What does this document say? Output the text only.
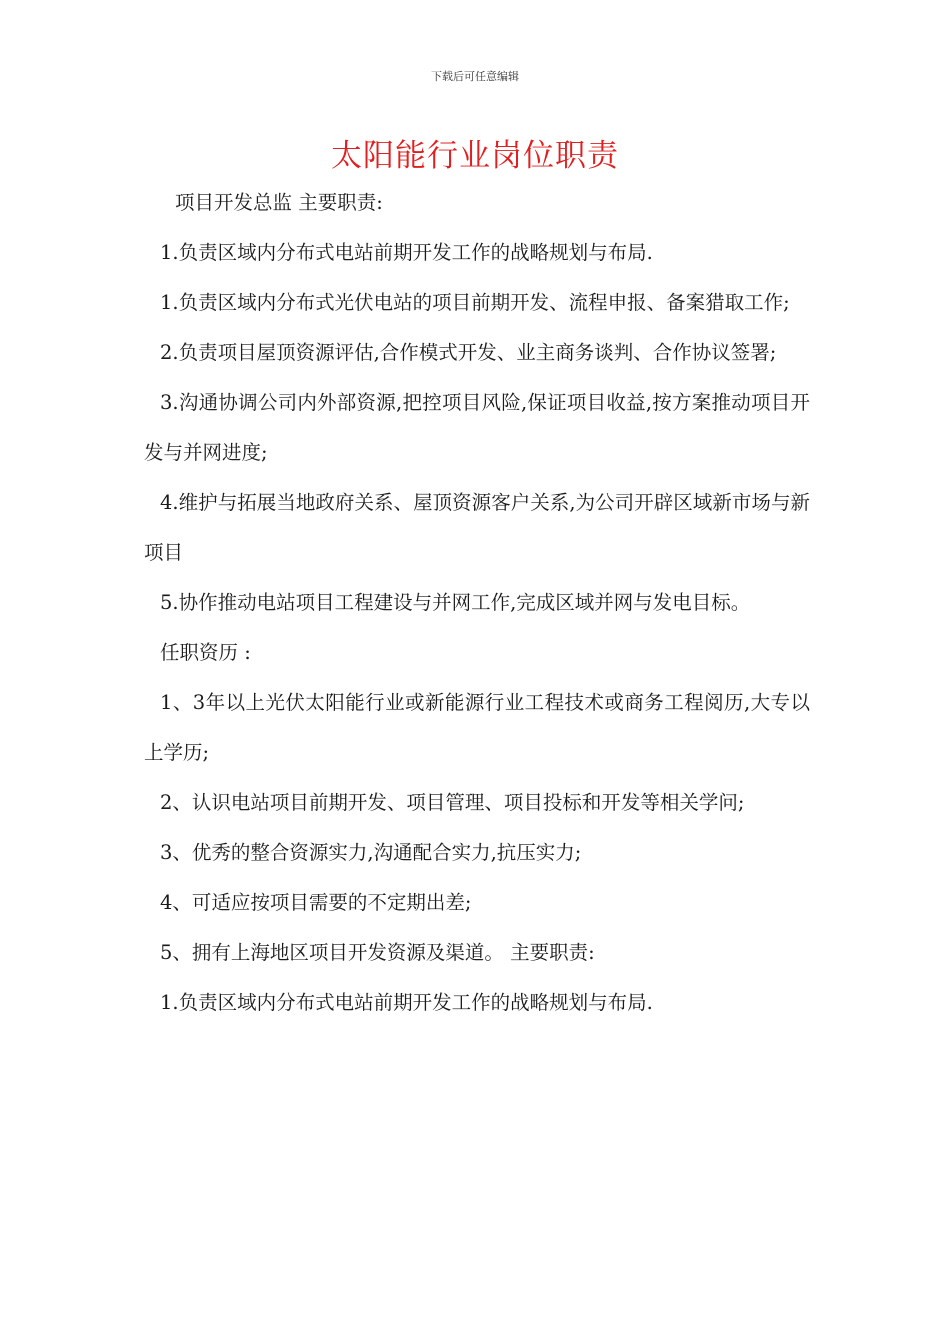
下载后可任意编辑
太阳能行业岗位职责

项目开发总监 主要职责:

1.负责区域内分布式电站前期开发工作的战略规划与布局.

1.负责区域内分布式光伏电站的项目前期开发、流程申报、备案猎取工作;

2.负责项目屋顶资源评估,合作模式开发、业主商务谈判、合作协议签署;

3.沟通协调公司内外部资源,把控项目风险,保证项目收益,按方案推动项目开发与并网进度;

4.维护与拓展当地政府关系、屋顶资源客户关系,为公司开辟区域新市场与新项目

5.协作推动电站项目工程建设与并网工作,完成区域并网与发电目标。

任职资历 :

1、3年以上光伏太阳能行业或新能源行业工程技术或商务工程阅历,大专以上学历;

2、认识电站项目前期开发、项目管理、项目投标和开发等相关学问;

3、优秀的整合资源实力,沟通配合实力,抗压实力;

4、可适应按项目需要的不定期出差;

5、拥有上海地区项目开发资源及渠道。 主要职责:

1.负责区域内分布式电站前期开发工作的战略规划与布局.
